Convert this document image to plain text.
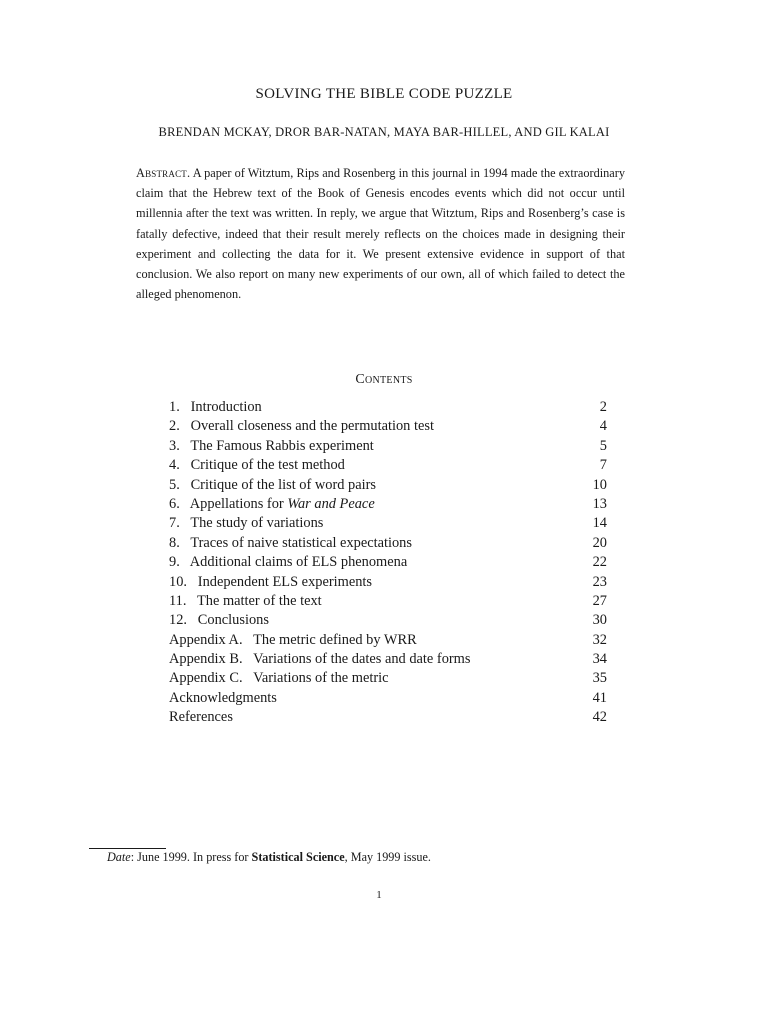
SOLVING THE BIBLE CODE PUZZLE
BRENDAN MCKAY, DROR BAR-NATAN, MAYA BAR-HILLEL, AND GIL KALAI
Abstract. A paper of Witztum, Rips and Rosenberg in this journal in 1994 made the extraordinary claim that the Hebrew text of the Book of Genesis encodes events which did not occur until millennia after the text was written. In reply, we argue that Witztum, Rips and Rosenberg’s case is fatally defective, indeed that their result merely reflects on the choices made in designing their experiment and collecting the data for it. We present extensive evidence in support of that conclusion. We also report on many new experiments of our own, all of which failed to detect the alleged phenomenon.
Contents
1.   Introduction	2
2.   Overall closeness and the permutation test	4
3.   The Famous Rabbis experiment	5
4.   Critique of the test method	7
5.   Critique of the list of word pairs	10
6.   Appellations for War and Peace	13
7.   The study of variations	14
8.   Traces of naive statistical expectations	20
9.   Additional claims of ELS phenomena	22
10.   Independent ELS experiments	23
11.   The matter of the text	27
12.   Conclusions	30
Appendix A.   The metric defined by WRR	32
Appendix B.   Variations of the dates and date forms	34
Appendix C.   Variations of the metric	35
Acknowledgments	41
References	42
Date: June 1999. In press for Statistical Science, May 1999 issue.
1
